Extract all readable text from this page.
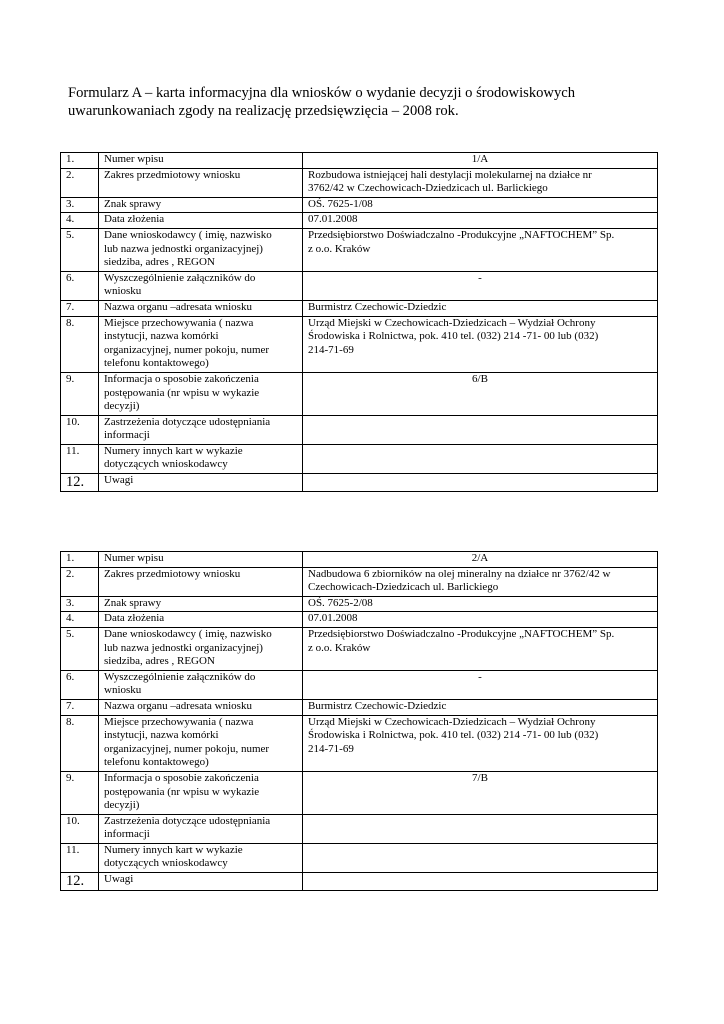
Formularz A – karta informacyjna dla wniosków o wydanie decyzji o środowiskowych
uwarunkowaniach zgody na realizację przedsięwzięcia – 2008 rok.
1.	Numer wpisu	1/A
2.	Zakres przedmiotowy wniosku	Rozbudowa istniejącej hali destylacji molekularnej na działce nr
3762/42 w Czechowicach-Dziedzicach ul. Barlickiego
3.	Znak sprawy	OŚ. 7625-1/08
4.	Data złożenia	07.01.2008
5.	Dane wnioskodawcy ( imię, nazwisko
lub nazwa jednostki organizacyjnej)
siedziba, adres , REGON	Przedsiębiorstwo Doświadczalno -Produkcyjne „NAFTOCHEM” Sp.
z o.o. Kraków
6.	Wyszczególnienie załączników do
wniosku	-
7.	Nazwa organu –adresata wniosku	Burmistrz Czechowic-Dziedzic
8.	Miejsce przechowywania ( nazwa
instytucji, nazwa komórki
organizacyjnej, numer pokoju, numer
telefonu kontaktowego)	Urząd Miejski w Czechowicach-Dziedzicach – Wydział Ochrony
Środowiska i Rolnictwa, pok. 410 tel. (032) 214 -71- 00 lub (032)
214-71-69
9.	Informacja o sposobie zakończenia
postępowania (nr wpisu w wykazie
decyzji)	6/B
10.	Zastrzeżenia dotyczące udostępniania
informacji	
11.	Numery innych kart w wykazie
dotyczących wnioskodawcy	
12.	Uwagi	
1.	Numer wpisu	2/A
2.	Zakres przedmiotowy wniosku	Nadbudowa 6 zbiorników na olej mineralny na działce nr 3762/42 w
Czechowicach-Dziedzicach ul. Barlickiego
3.	Znak sprawy	OŚ. 7625-2/08
4.	Data złożenia	07.01.2008
5.	Dane wnioskodawcy ( imię, nazwisko
lub nazwa jednostki organizacyjnej)
siedziba, adres , REGON	Przedsiębiorstwo Doświadczalno -Produkcyjne „NAFTOCHEM” Sp.
z o.o. Kraków
6.	Wyszczególnienie załączników do
wniosku	-
7.	Nazwa organu –adresata wniosku	Burmistrz Czechowic-Dziedzic
8.	Miejsce przechowywania ( nazwa
instytucji, nazwa komórki
organizacyjnej, numer pokoju, numer
telefonu kontaktowego)	Urząd Miejski w Czechowicach-Dziedzicach – Wydział Ochrony
Środowiska i Rolnictwa, pok. 410 tel. (032) 214 -71- 00 lub (032)
214-71-69
9.	Informacja o sposobie zakończenia
postępowania (nr wpisu w wykazie
decyzji)	7/B
10.	Zastrzeżenia dotyczące udostępniania
informacji	
11.	Numery innych kart w wykazie
dotyczących wnioskodawcy	
12.	Uwagi	
